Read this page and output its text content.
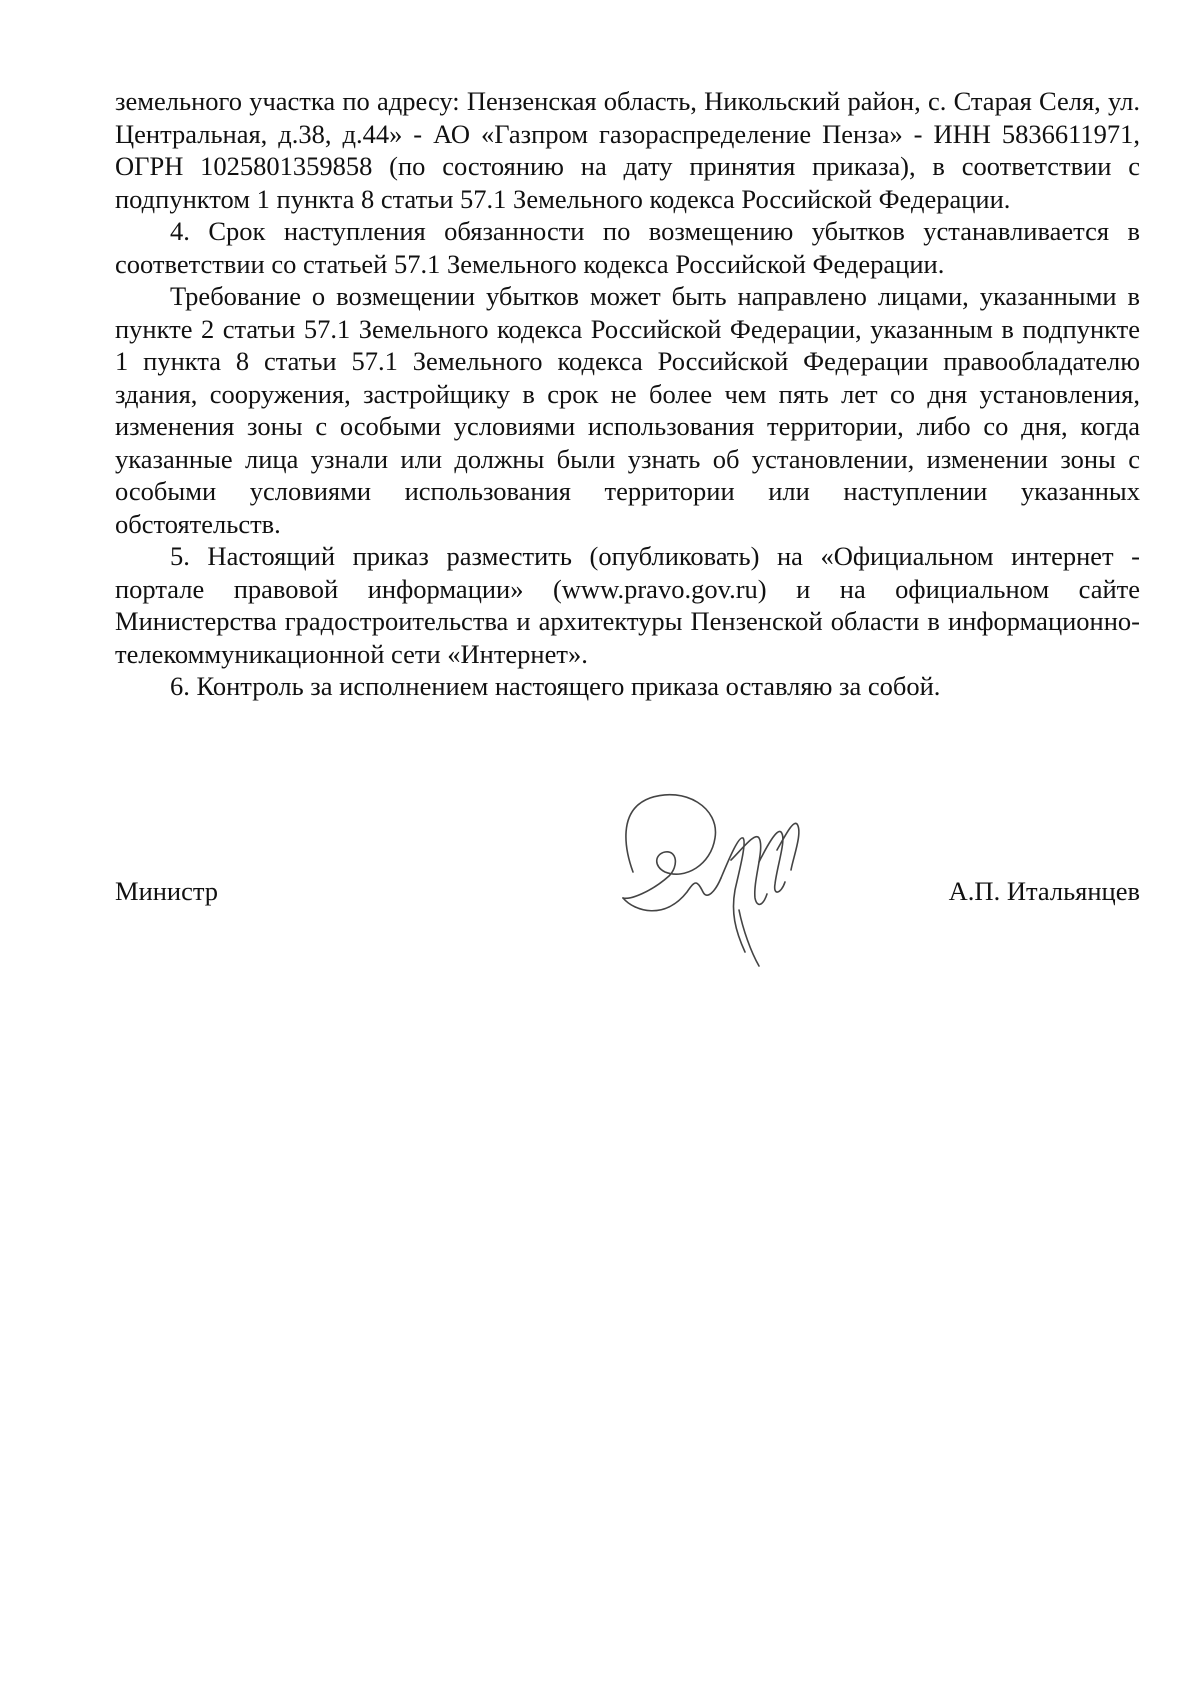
земельного участка по адресу: Пензенская область, Никольский район, с. Старая Селя, ул. Центральная, д.38, д.44» - АО «Газпром газораспределение Пенза» - ИНН 5836611971, ОГРН 1025801359858 (по состоянию на дату принятия приказа), в соответствии с подпунктом 1 пункта 8 статьи 57.1 Земельного кодекса Российской Федерации.

4. Срок наступления обязанности по возмещению убытков устанавливается в соответствии со статьей 57.1 Земельного кодекса Российской Федерации.

Требование о возмещении убытков может быть направлено лицами, указанными в пункте 2 статьи 57.1 Земельного кодекса Российской Федерации, указанным в подпункте 1 пункта 8 статьи 57.1 Земельного кодекса Российской Федерации правообладателю здания, сооружения, застройщику в срок не более чем пять лет со дня установления, изменения зоны с особыми условиями использования территории, либо со дня, когда указанные лица узнали или должны были узнать об установлении, изменении зоны с особыми условиями использования территории или наступлении указанных обстоятельств.

5. Настоящий приказ разместить (опубликовать) на «Официальном интернет - портале правовой информации» (www.pravo.gov.ru) и на официальном сайте Министерства градостроительства и архитектуры Пензенской области в информационно-телекоммуникационной сети «Интернет».

6. Контроль за исполнением настоящего приказа оставляю за собой.

Министр	А.П. Итальянцев
